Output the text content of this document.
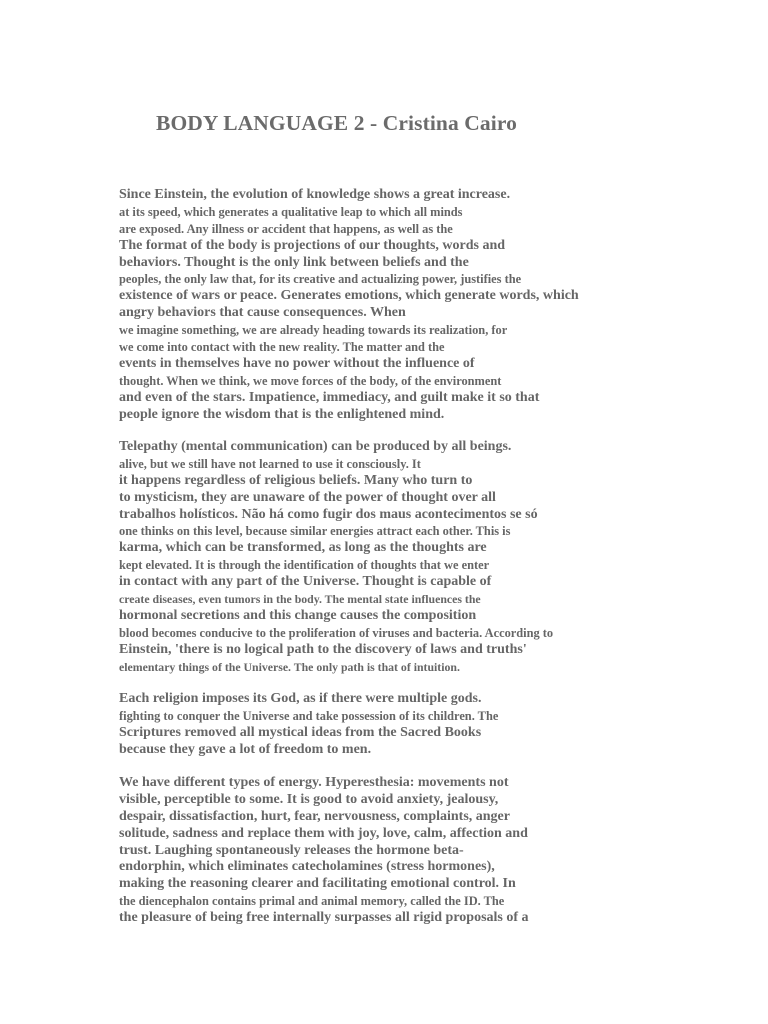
BODY LANGUAGE 2 - Cristina Cairo
Since Einstein, the evolution of knowledge shows a great increase.
at its speed, which generates a qualitative leap to which all minds
are exposed. Any illness or accident that happens, as well as the
The format of the body is projections of our thoughts, words and
behaviors. Thought is the only link between beliefs and the
peoples, the only law that, for its creative and actualizing power, justifies the
existence of wars or peace. Generates emotions, which generate words, which
angry behaviors that cause consequences. When
we imagine something, we are already heading towards its realization, for
we come into contact with the new reality. The matter and the
events in themselves have no power without the influence of
thought. When we think, we move forces of the body, of the environment
and even of the stars. Impatience, immediacy, and guilt make it so that
people ignore the wisdom that is the enlightened mind.
Telepathy (mental communication) can be produced by all beings.
alive, but we still have not learned to use it consciously. It
it happens regardless of religious beliefs. Many who turn to
to mysticism, they are unaware of the power of thought over all
trabalhos holísticos. Não há como fugir dos maus acontecimentos se só
one thinks on this level, because similar energies attract each other. This is
karma, which can be transformed, as long as the thoughts are
kept elevated. It is through the identification of thoughts that we enter
in contact with any part of the Universe. Thought is capable of
create diseases, even tumors in the body. The mental state influences the
hormonal secretions and this change causes the composition
blood becomes conducive to the proliferation of viruses and bacteria. According to
Einstein, 'there is no logical path to the discovery of laws and truths'
elementary things of the Universe. The only path is that of intuition.
Each religion imposes its God, as if there were multiple gods.
fighting to conquer the Universe and take possession of its children. The
Scriptures removed all mystical ideas from the Sacred Books
because they gave a lot of freedom to men.
We have different types of energy. Hyperesthesia: movements not
visible, perceptible to some. It is good to avoid anxiety, jealousy,
despair, dissatisfaction, hurt, fear, nervousness, complaints, anger
solitude, sadness and replace them with joy, love, calm, affection and
trust. Laughing spontaneously releases the hormone beta-
endorphin, which eliminates catecholamines (stress hormones),
making the reasoning clearer and facilitating emotional control. In
the diencephalon contains primal and animal memory, called the ID. The
the pleasure of being free internally surpasses all rigid proposals of a
